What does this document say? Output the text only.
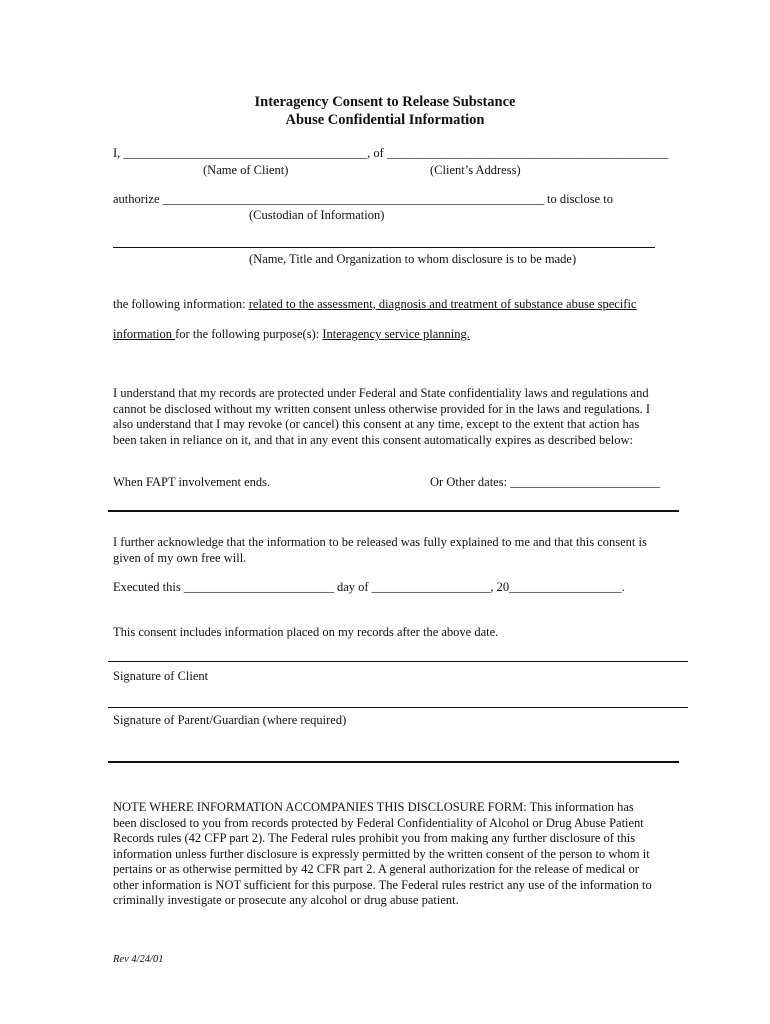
Interagency Consent to Release Substance
Abuse Confidential Information
I, _______________________________________, of _____________________________________________
(Name of Client)	(Client’s Address)
authorize _____________________________________________________________ to disclose to
(Custodian of Information)
(Name, Title and Organization to whom disclosure is to be made)
the following information: related to the assessment, diagnosis and treatment of substance abuse specific
information for the following purpose(s): Interagency service planning.
I understand that my records are protected under Federal and State confidentiality laws and regulations and cannot be disclosed without my written consent unless otherwise provided for in the laws and regulations. I also understand that I may revoke (or cancel) this consent at any time, except to the extent that action has been taken in reliance on it, and that in any event this consent automatically expires as described below:
When FAPT involvement ends.	Or Other dates: ________________________
I further acknowledge that the information to be released was fully explained to me and that this consent is given of my own free will.
Executed this ________________________ day of ___________________, 20__________________.
This consent includes information placed on my records after the above date.
Signature of Client
Signature of Parent/Guardian (where required)
NOTE WHERE INFORMATION ACCOMPANIES THIS DISCLOSURE FORM: This information has been disclosed to you from records protected by Federal Confidentiality of Alcohol or Drug Abuse Patient Records rules (42 CFP part 2). The Federal rules prohibit you from making any further disclosure of this information unless further disclosure is expressly permitted by the written consent of the person to whom it pertains or as otherwise permitted by 42 CFR part 2. A general authorization for the release of medical or other information is NOT sufficient for this purpose. The Federal rules restrict any use of the information to criminally investigate or prosecute any alcohol or drug abuse patient.
Rev 4/24/01
